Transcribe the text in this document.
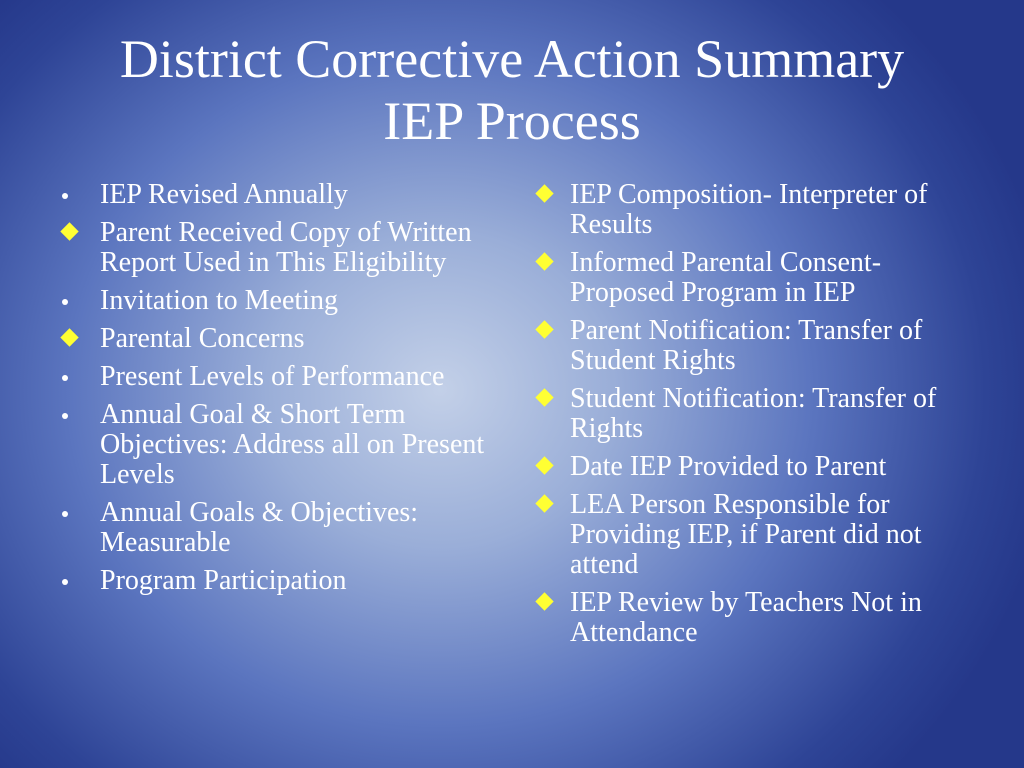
District Corrective Action Summary
IEP Process
IEP Revised Annually
Parent Received Copy of Written Report Used in This Eligibility
Invitation to Meeting
Parental Concerns
Present Levels of Performance
Annual Goal & Short Term Objectives: Address all on Present Levels
Annual Goals & Objectives: Measurable
Program Participation
IEP Composition- Interpreter of Results
Informed Parental Consent- Proposed Program in IEP
Parent Notification: Transfer of Student Rights
Student Notification: Transfer of Rights
Date IEP Provided to Parent
LEA Person Responsible for Providing IEP, if Parent did not attend
IEP Review by Teachers Not in Attendance
